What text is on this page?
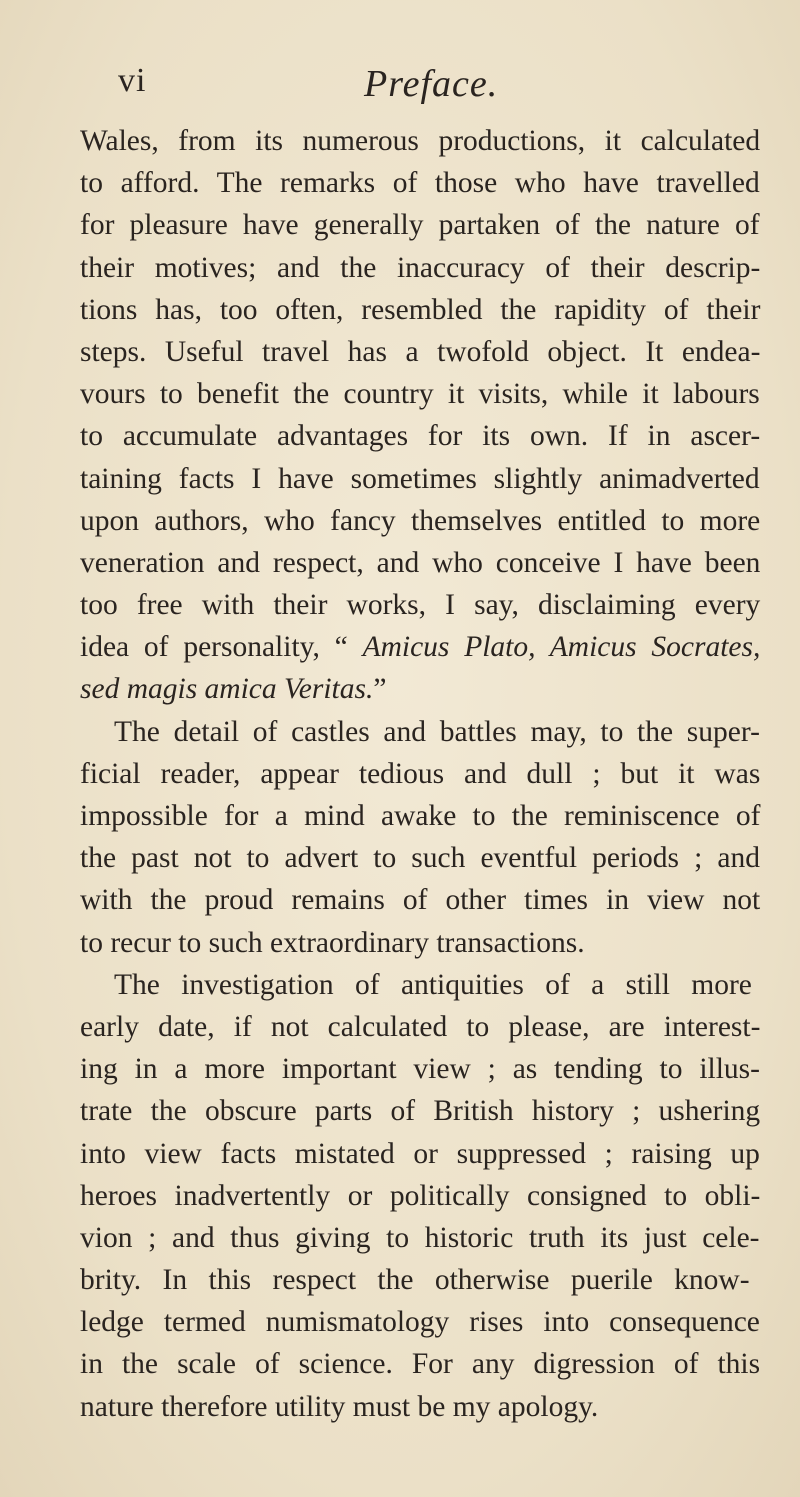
vi	Preface.
Wales, from its numerous productions, it calculated
to afford. The remarks of those who have travelled
for pleasure have generally partaken of the nature of
their motives; and the inaccuracy of their descrip-
tions has, too often, resembled the rapidity of their
steps. Useful travel has a twofold object. It endea-
vours to benefit the country it visits, while it labours
to accumulate advantages for its own. If in ascer-
taining facts I have sometimes slightly animadverted
upon authors, who fancy themselves entitled to more
veneration and respect, and who conceive I have been
too free with their works, I say, disclaiming every
idea of personality, “ Amicus Plato, Amicus Socrates,
sed magis amica Veritas.”
The detail of castles and battles may, to the super-
ficial reader, appear tedious and dull ; but it was
impossible for a mind awake to the reminiscence of
the past not to advert to such eventful periods ; and
with the proud remains of other times in view not
to recur to such extraordinary transactions.
The investigation of antiquities of a still more
early date, if not calculated to please, are interest-
ing in a more important view ; as tending to illus-
trate the obscure parts of British history ; ushering
into view facts mistated or suppressed ; raising up
heroes inadvertently or politically consigned to obli-
vion ; and thus giving to historic truth its just cele-
brity. In this respect the otherwise puerile know-
ledge termed numismatology rises into consequence
in the scale of science. For any digression of this
nature therefore utility must be my apology.
